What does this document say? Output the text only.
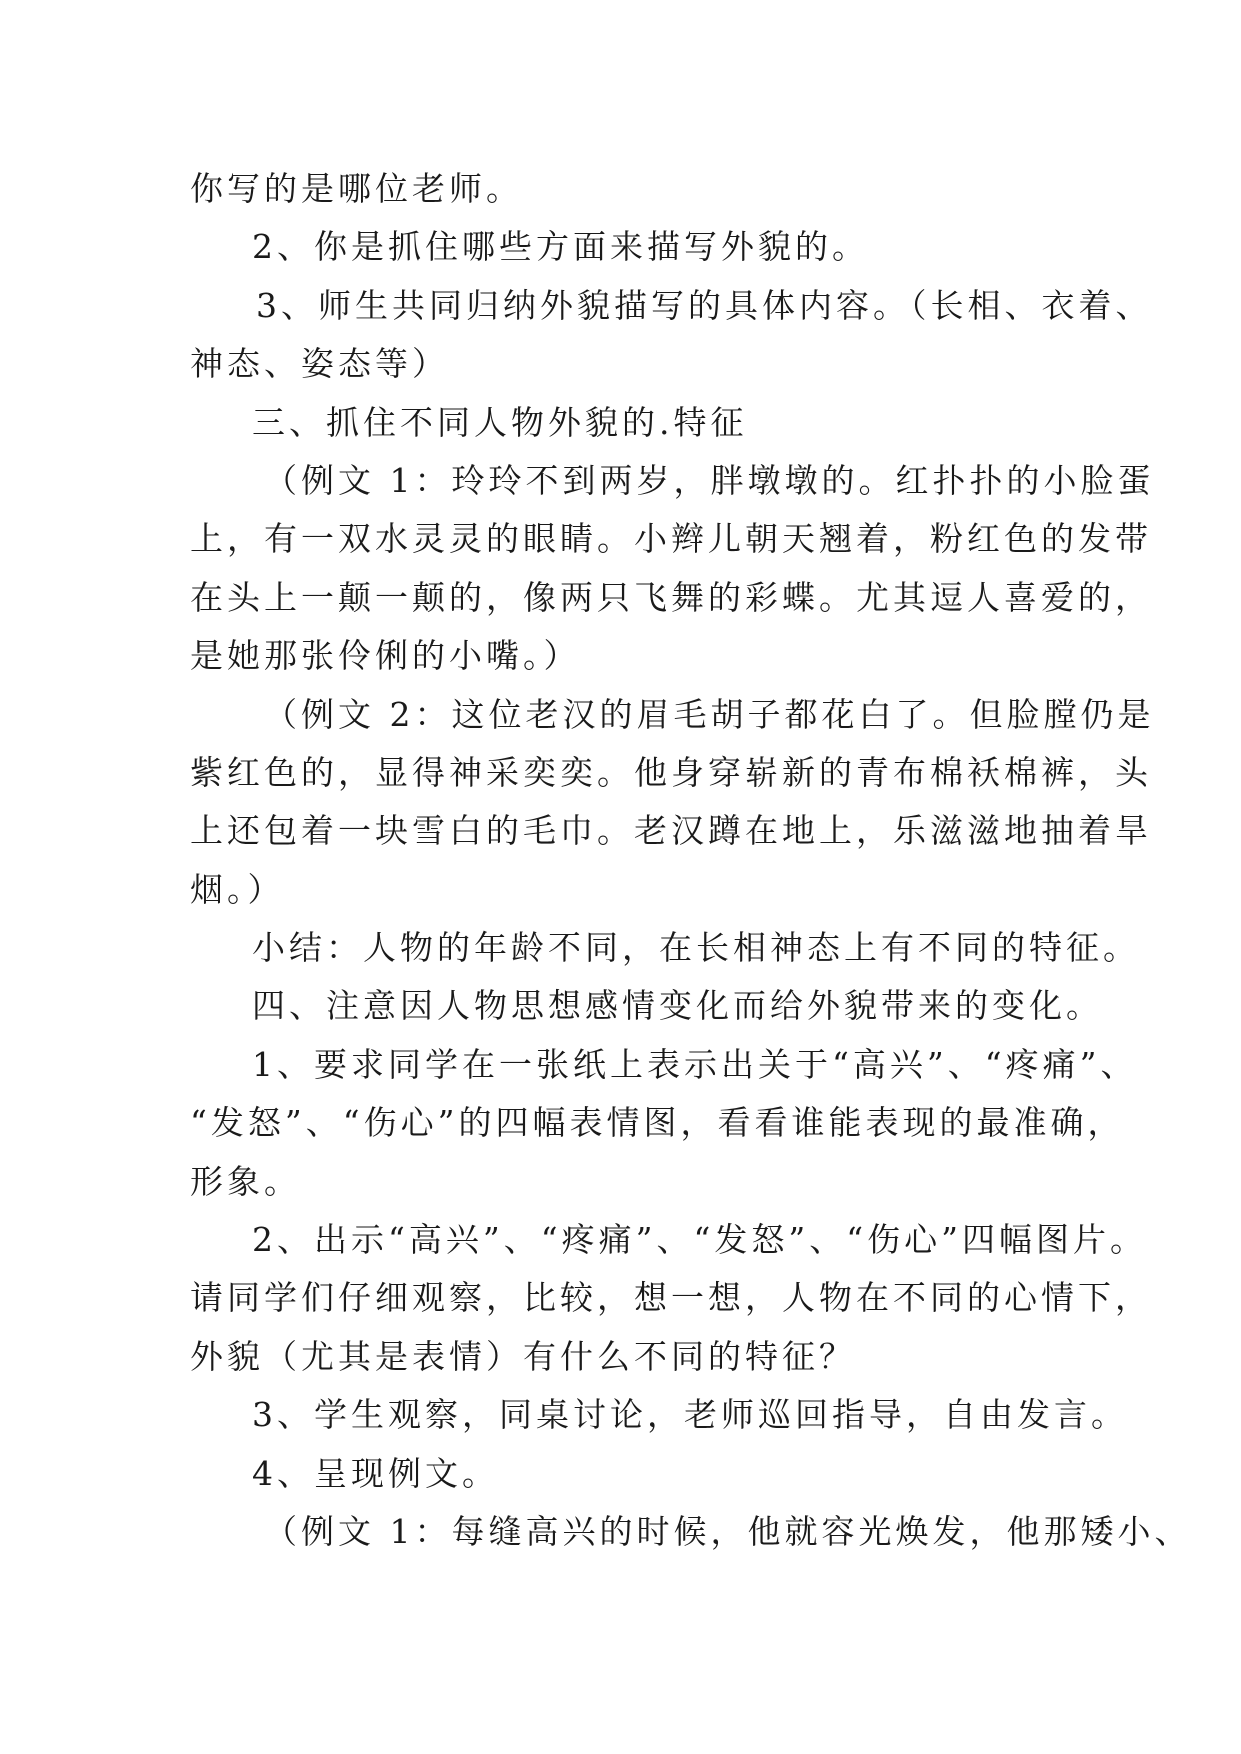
你写的是哪位老师。
2、你是抓住哪些方面来描写外貌的。
3、师生共同归纳外貌描写的具体内容。（长相、衣着、
神态、姿态等）
三、抓住不同人物外貌的.特征
（例文 1：玲玲不到两岁，胖墩墩的。红扑扑的小脸蛋
上，有一双水灵灵的眼睛。小辫儿朝天翘着，粉红色的发带
在头上一颠一颠的，像两只飞舞的彩蝶。尤其逗人喜爱的，
是她那张伶俐的小嘴。）
（例文 2：这位老汉的眉毛胡子都花白了。但脸膛仍是
紫红色的，显得神采奕奕。他身穿崭新的青布棉袄棉裤，头
上还包着一块雪白的毛巾。老汉蹲在地上，乐滋滋地抽着旱
烟。）
小结：人物的年龄不同，在长相神态上有不同的特征。
四、注意因人物思想感情变化而给外貌带来的变化。
1、要求同学在一张纸上表示出关于“高兴”、“疼痛”、
“发怒”、“伤心”的四幅表情图，看看谁能表现的最准确，
形象。
2、出示“高兴”、“疼痛”、“发怒”、“伤心”四幅图片。
请同学们仔细观察，比较，想一想，人物在不同的心情下，
外貌（尤其是表情）有什么不同的特征？
3、学生观察，同桌讨论，老师巡回指导，自由发言。
4、呈现例文。
（例文 1：每缝高兴的时候，他就容光焕发，他那矮小、
